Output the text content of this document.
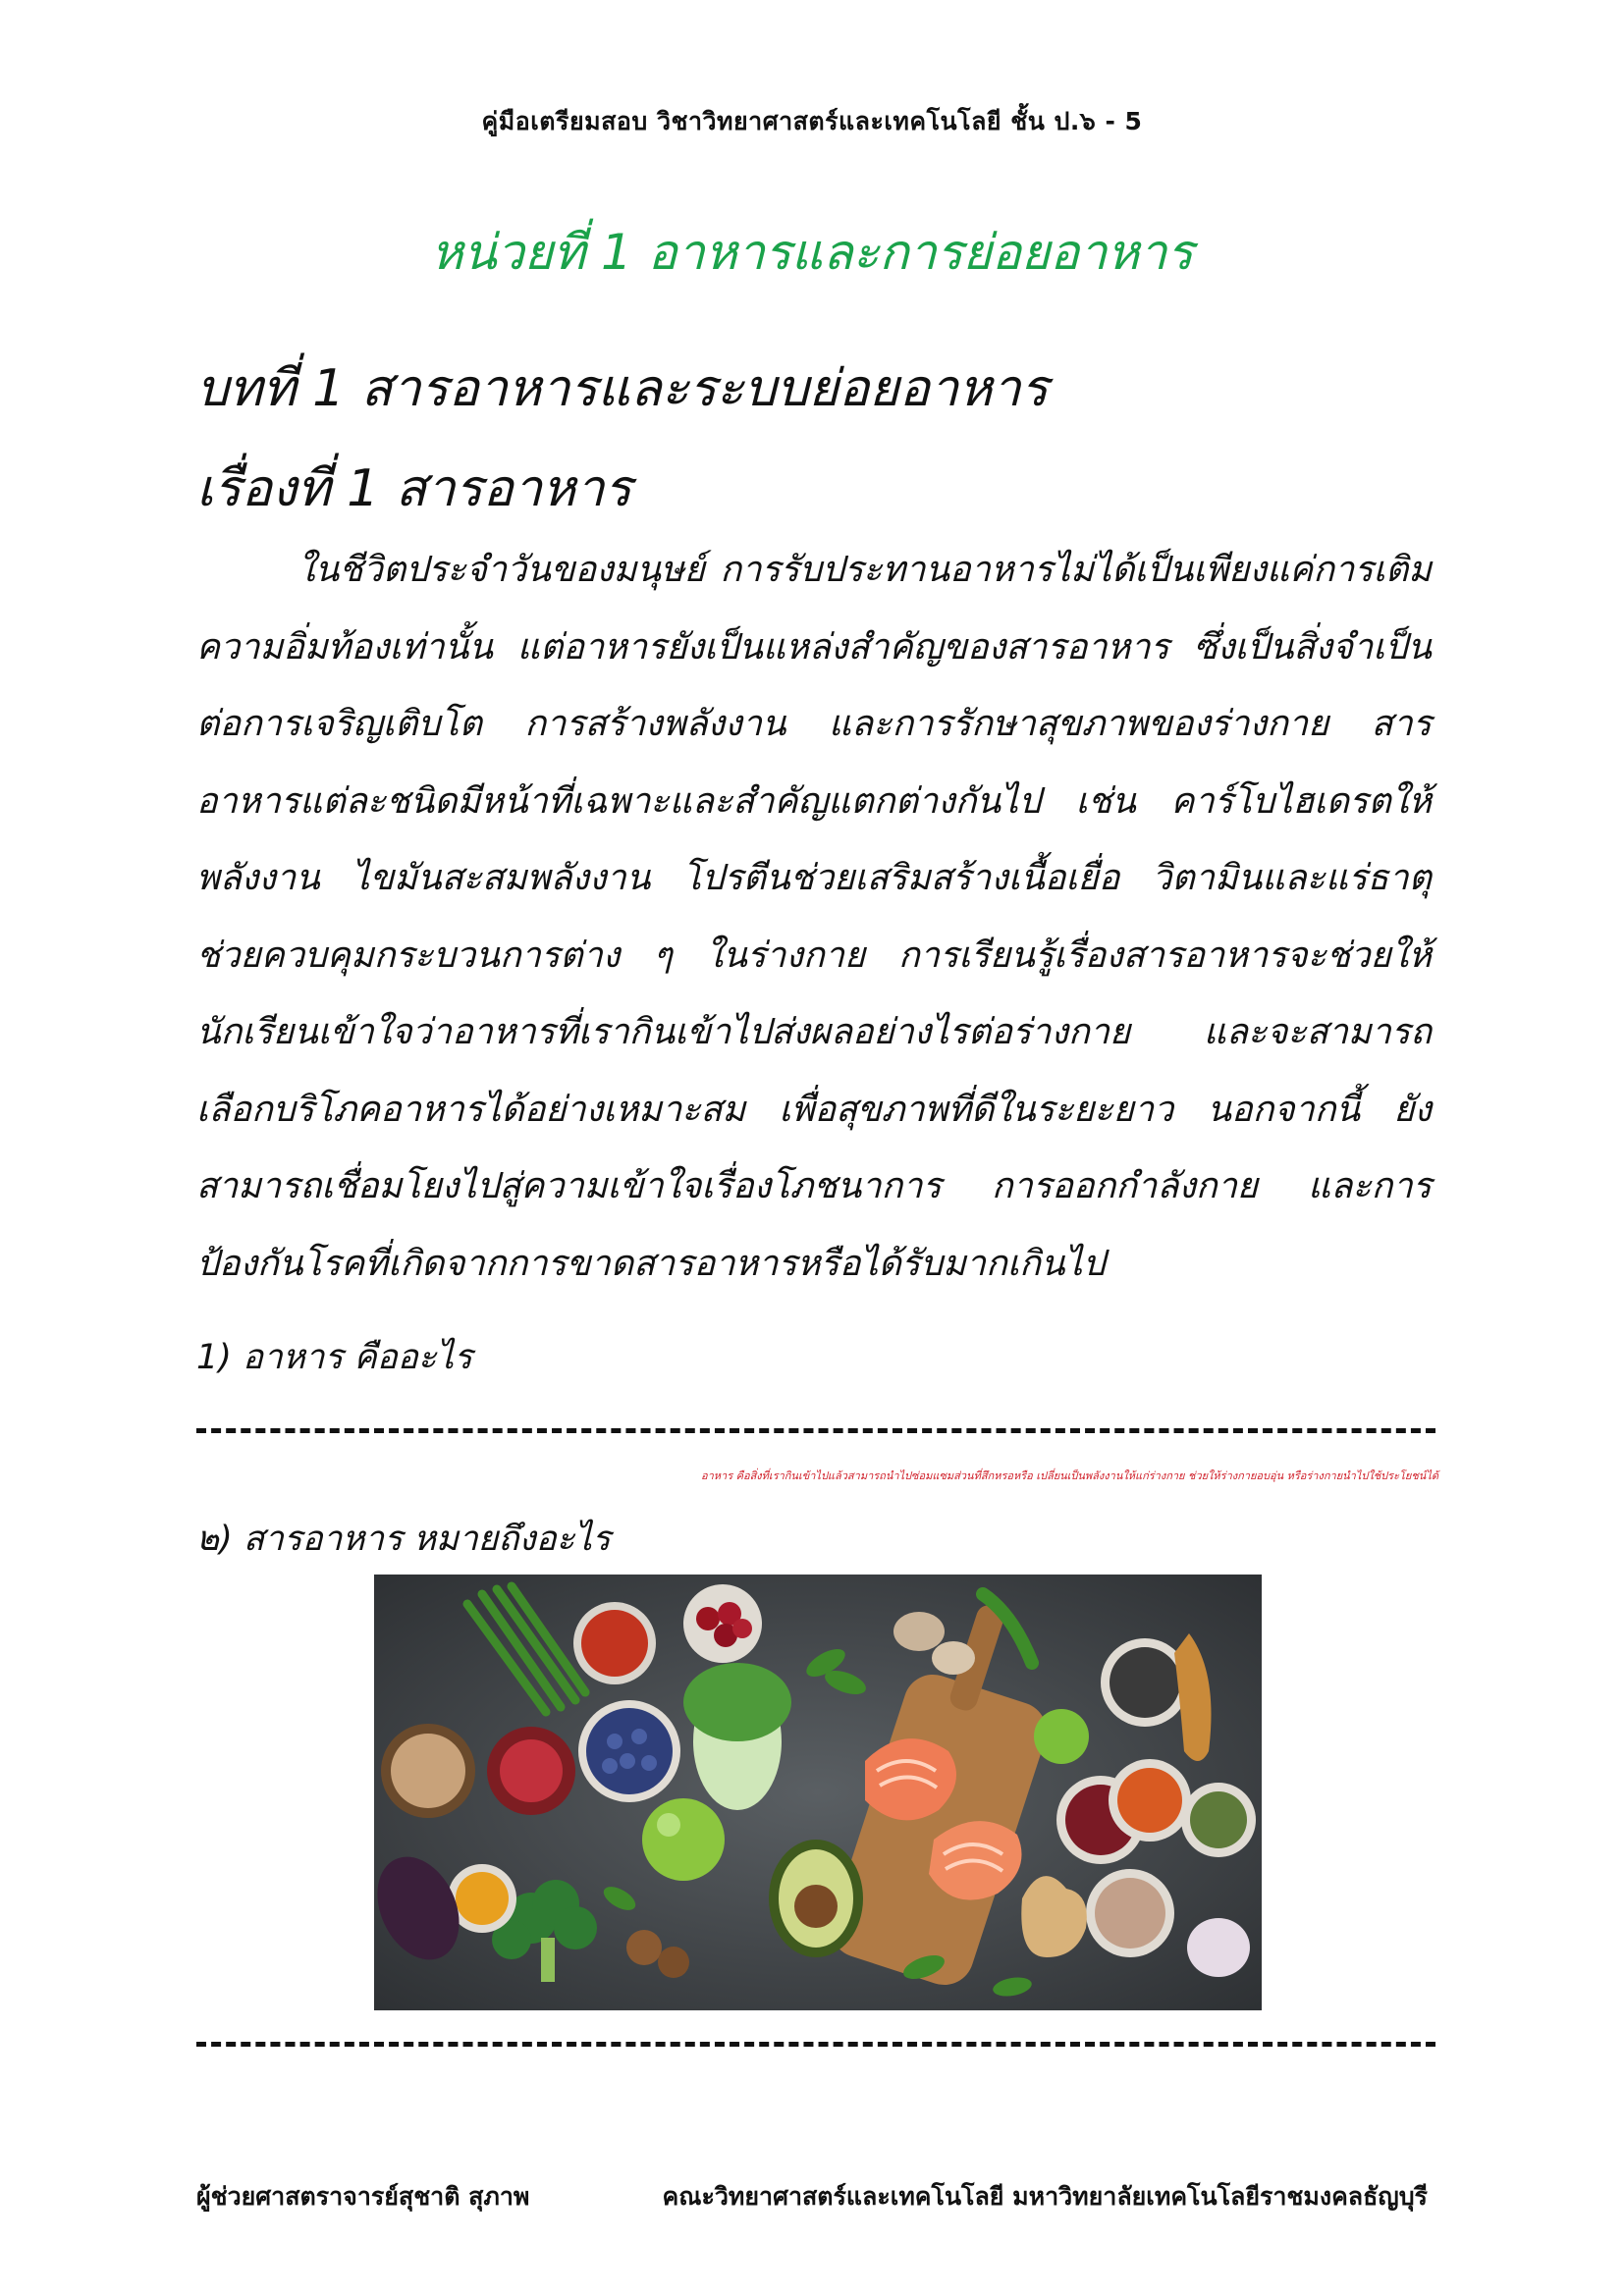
คู่มือเตรียมสอบ วิชาวิทยาศาสตร์และเทคโนโลยี ชั้น ป.๖ - 5
หน่วยที่ 1 อาหารและการย่อยอาหาร
บทที่ 1 สารอาหารและระบบย่อยอาหาร
เรื่องที่ 1 สารอาหาร

ในชีวิตประจำวันของมนุษย์ การรับประทานอาหารไม่ได้เป็นเพียงแค่การเติมความอิ่มท้องเท่านั้น แต่อาหารยังเป็นแหล่งสำคัญของสารอาหาร ซึ่งเป็นสิ่งจำเป็นต่อการเจริญเติบโต การสร้างพลังงาน และการรักษาสุขภาพของร่างกาย สารอาหารแต่ละชนิดมีหน้าที่เฉพาะและสำคัญแตกต่างกันไป เช่น คาร์โบไฮเดรตให้พลังงาน ไขมันสะสมพลังงาน โปรตีนช่วยเสริมสร้างเนื้อเยื่อ วิตามินและแร่ธาตุช่วยควบคุมกระบวนการต่าง ๆ ในร่างกาย การเรียนรู้เรื่องสารอาหารจะช่วยให้นักเรียนเข้าใจว่าอาหารที่เรากินเข้าไปส่งผลอย่างไรต่อร่างกาย และจะสามารถเลือกบริโภคอาหารได้อย่างเหมาะสม เพื่อสุขภาพที่ดีในระยะยาว นอกจากนี้ ยังสามารถเชื่อมโยงไปสู่ความเข้าใจเรื่องโภชนาการ การออกกำลังกาย และการป้องกันโรคที่เกิดจากการขาดสารอาหารหรือได้รับมากเกินไป

1) อาหาร คืออะไร
อาหาร คือสิ่งที่เรากินเข้าไปแล้วสามารถนำไปซ่อมแซมส่วนที่สึกหรอหรือ เปลี่ยนเป็นพลังงานให้แก่ร่างกาย ช่วยให้ร่างกายอบอุ่น หรือร่างกายนำไปใช้ประโยชน์ได้
๒) สารอาหาร หมายถึงอะไร
ผู้ช่วยศาสตราจารย์สุชาติ สุภาพ	คณะวิทยาศาสตร์และเทคโนโลยี มหาวิทยาลัยเทคโนโลยีราชมงคลธัญบุรี
